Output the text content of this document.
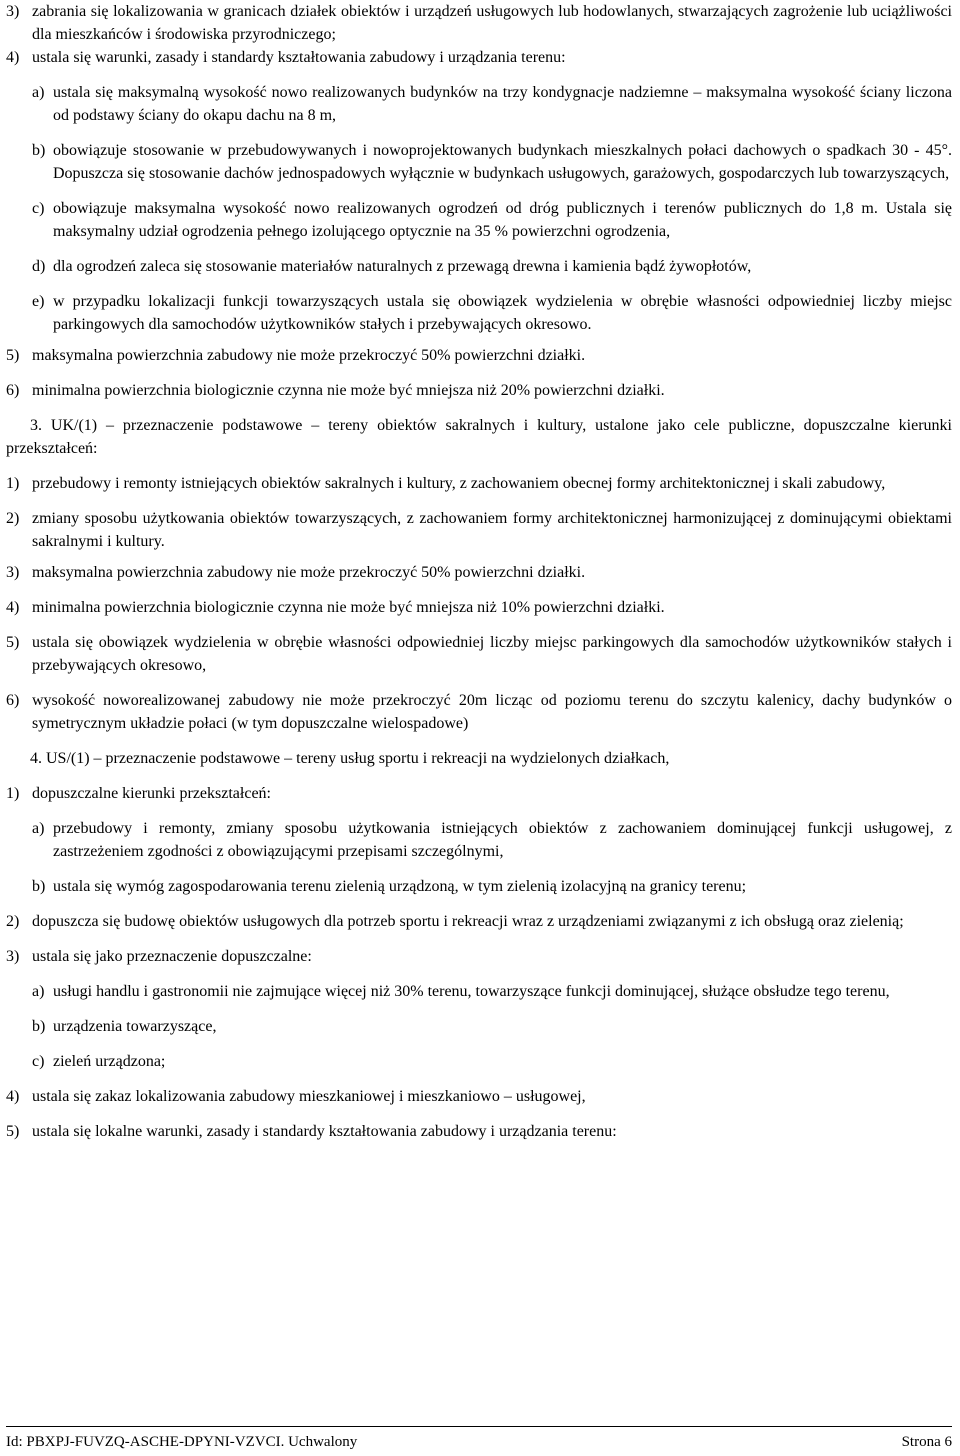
3) zabrania się lokalizowania w granicach działek obiektów i urządzeń usługowych lub hodowlanych, stwarzających zagrożenie lub uciążliwości dla mieszkańców i środowiska przyrodniczego;
4) ustala się warunki, zasady i standardy kształtowania zabudowy i urządzania terenu:
a) ustala się maksymalną wysokość nowo realizowanych budynków na trzy kondygnacje nadziemne – maksymalna wysokość ściany liczona od podstawy ściany do okapu dachu na 8 m,
b) obowiązuje stosowanie w przebudowywanych i nowoprojektowanych budynkach mieszkalnych połaci dachowych o spadkach 30 - 45°. Dopuszcza się stosowanie dachów jednospadowych wyłącznie w budynkach usługowych, garażowych, gospodarczych lub towarzyszących,
c) obowiązuje maksymalna wysokość nowo realizowanych ogrodzeń od dróg publicznych i terenów publicznych do 1,8 m. Ustala się maksymalny udział ogrodzenia pełnego izolującego optycznie na 35 % powierzchni ogrodzenia,
d) dla ogrodzeń zaleca się stosowanie materiałów naturalnych z przewagą drewna i kamienia bądź żywopłotów,
e) w przypadku lokalizacji funkcji towarzyszących ustala się obowiązek wydzielenia w obrębie własności odpowiedniej liczby miejsc parkingowych dla samochodów użytkowników stałych i przebywających okresowo.
5) maksymalna powierzchnia zabudowy nie może przekroczyć 50% powierzchni działki.
6) minimalna powierzchnia biologicznie czynna nie może być mniejsza niż 20% powierzchni działki.
3. UK/(1) – przeznaczenie podstawowe – tereny obiektów sakralnych i kultury, ustalone jako cele publiczne, dopuszczalne kierunki przekształceń:
1) przebudowy i remonty istniejących obiektów sakralnych i kultury, z zachowaniem obecnej formy architektonicznej i skali zabudowy,
2) zmiany sposobu użytkowania obiektów towarzyszących, z zachowaniem formy architektonicznej harmonizującej z dominującymi obiektami sakralnymi i kultury.
3) maksymalna powierzchnia zabudowy nie może przekroczyć 50% powierzchni działki.
4) minimalna powierzchnia biologicznie czynna nie może być mniejsza niż 10% powierzchni działki.
5) ustala się obowiązek wydzielenia w obrębie własności odpowiedniej liczby miejsc parkingowych dla samochodów użytkowników stałych i przebywających okresowo,
6) wysokość noworealizowanej zabudowy nie może przekroczyć 20m licząc od poziomu terenu do szczytu kalenicy, dachy budynków o symetrycznym układzie połaci (w tym dopuszczalne wielospadowe)
4. US/(1) – przeznaczenie podstawowe – tereny usług sportu i rekreacji na wydzielonych działkach,
1) dopuszczalne kierunki przekształceń:
a) przebudowy i remonty, zmiany sposobu użytkowania istniejących obiektów z zachowaniem dominującej funkcji usługowej, z zastrzeżeniem zgodności z obowiązującymi przepisami szczególnymi,
b) ustala się wymóg zagospodarowania terenu zielenią urządzoną, w tym zielenią izolacyjną na granicy terenu;
2) dopuszcza się budowę obiektów usługowych dla potrzeb sportu i rekreacji wraz z urządzeniami związanymi z ich obsługą oraz zielenią;
3) ustala się jako przeznaczenie dopuszczalne:
a) usługi handlu i gastronomii nie zajmujące więcej niż 30% terenu, towarzyszące funkcji dominującej, służące obsłudze tego terenu,
b) urządzenia towarzyszące,
c) zieleń urządzona;
4) ustala się zakaz lokalizowania zabudowy mieszkaniowej i mieszkaniowo – usługowej,
5) ustala się lokalne warunki, zasady i standardy kształtowania zabudowy i urządzania terenu:
Id: PBXPJ-FUVZQ-ASCHE-DPYNI-VZVCI. Uchwalony	Strona 6
